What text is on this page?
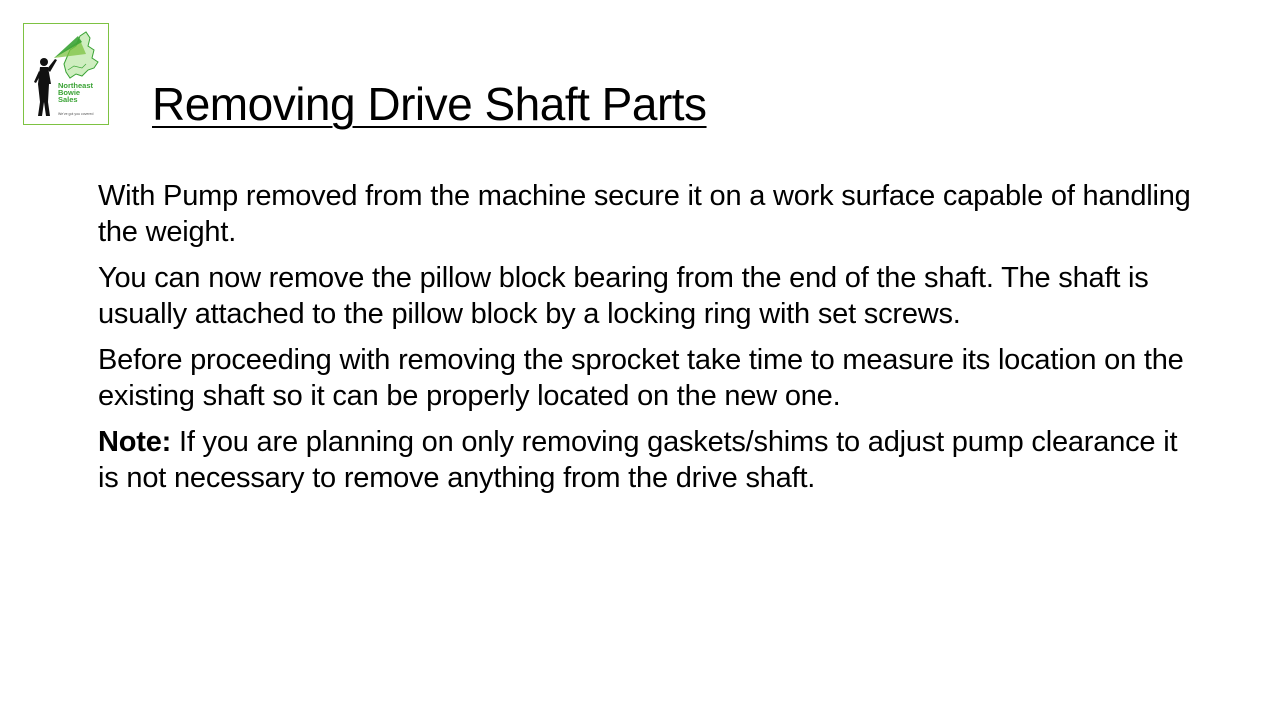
Northeast
Bowie
Sales
We've got you covered	Removing Drive Shaft Parts

With Pump removed from the machine secure it on a work surface capable of handling the weight.

You can now remove the pillow block bearing from the end of the shaft. The shaft is usually attached to the pillow block by a locking ring with set screws.

Before proceeding with removing the sprocket take time to measure its location on the existing shaft so it can be properly located on the new one.

Note: If you are planning on only removing gaskets/shims to adjust pump clearance it is not necessary to remove anything from the drive shaft.
